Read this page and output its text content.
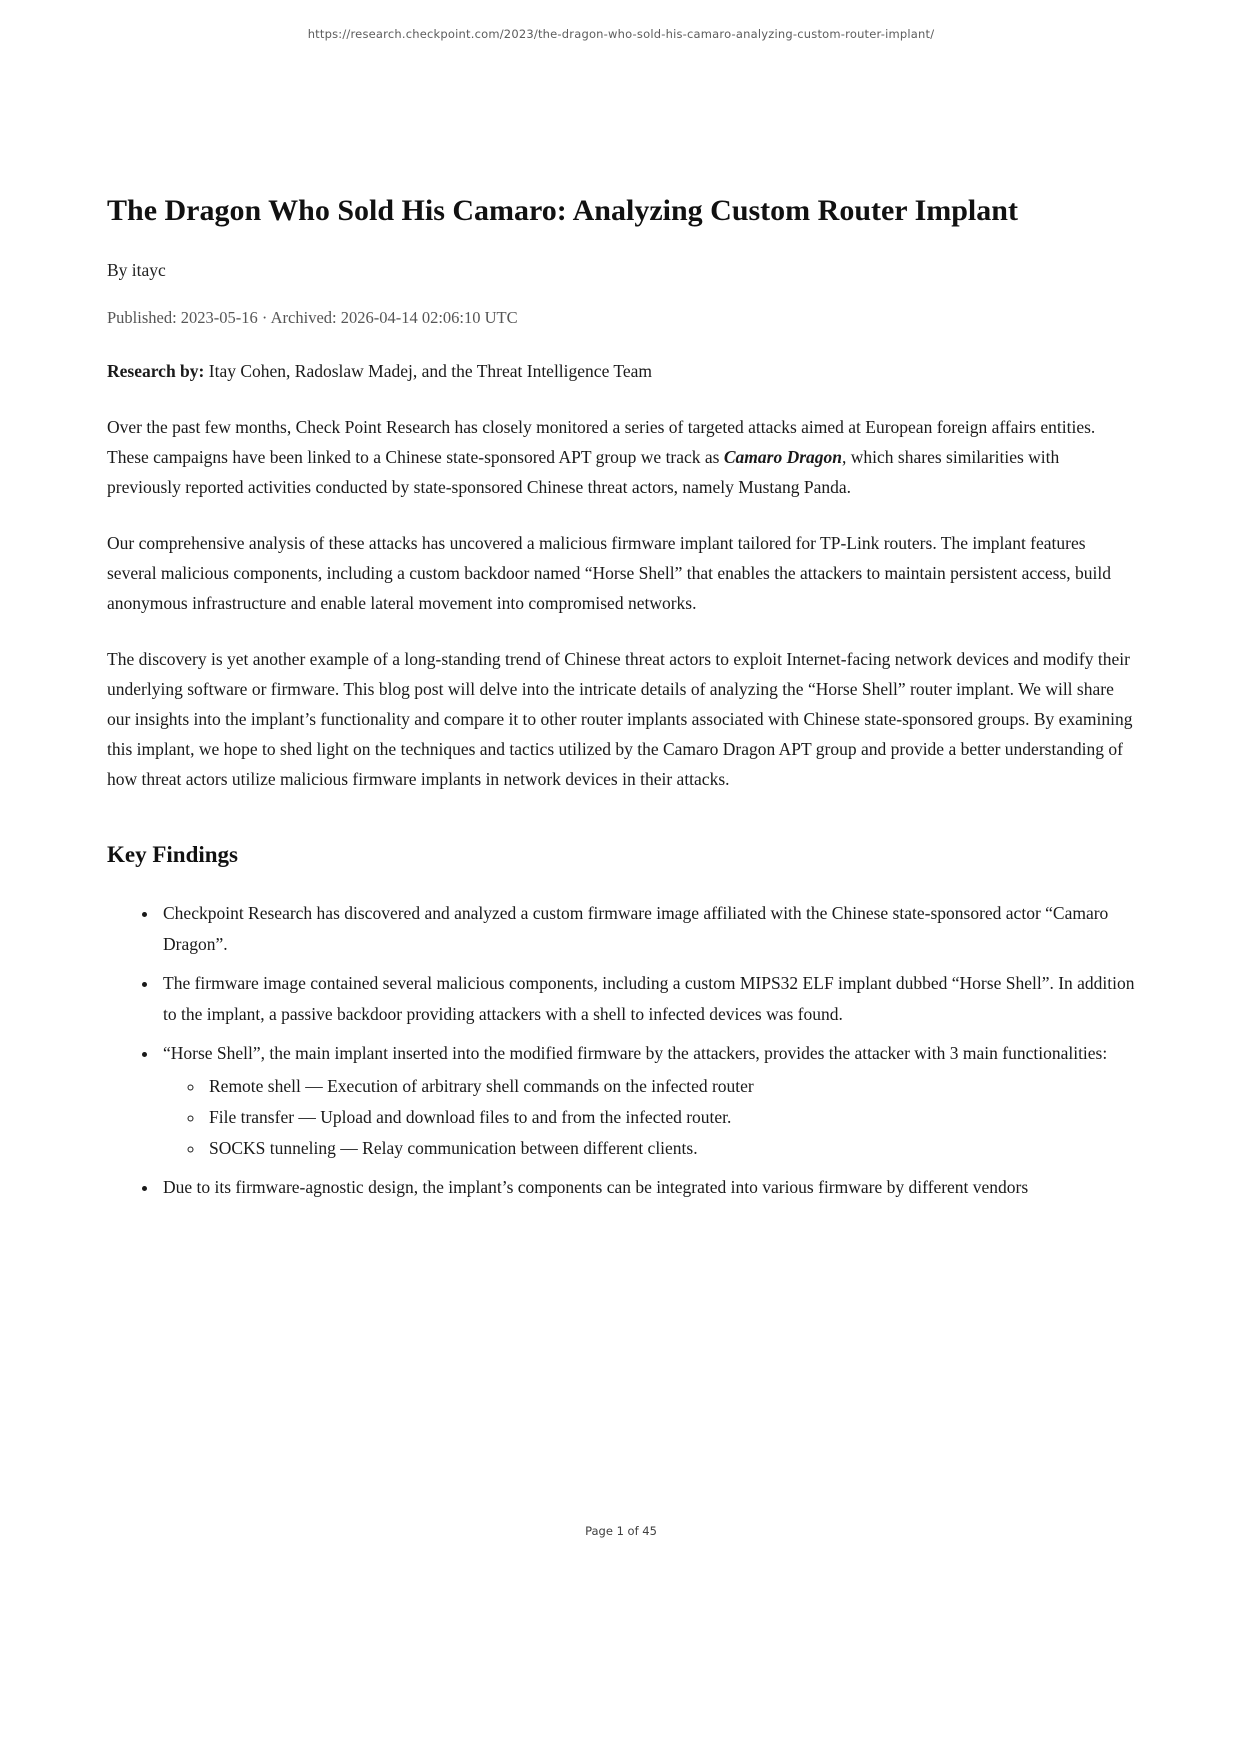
https://research.checkpoint.com/2023/the-dragon-who-sold-his-camaro-analyzing-custom-router-implant/
The Dragon Who Sold His Camaro: Analyzing Custom Router Implant

By itayc

Published: 2023-05-16 · Archived: 2026-04-14 02:06:10 UTC

Research by: Itay Cohen, Radoslaw Madej, and the Threat Intelligence Team

Over the past few months, Check Point Research has closely monitored a series of targeted attacks aimed at European foreign affairs entities. These campaigns have been linked to a Chinese state-sponsored APT group we track as Camaro Dragon, which shares similarities with previously reported activities conducted by state-sponsored Chinese threat actors, namely Mustang Panda.

Our comprehensive analysis of these attacks has uncovered a malicious firmware implant tailored for TP-Link routers. The implant features several malicious components, including a custom backdoor named “Horse Shell” that enables the attackers to maintain persistent access, build anonymous infrastructure and enable lateral movement into compromised networks.

The discovery is yet another example of a long-standing trend of Chinese threat actors to exploit Internet-facing network devices and modify their underlying software or firmware. This blog post will delve into the intricate details of analyzing the “Horse Shell” router implant. We will share our insights into the implant’s functionality and compare it to other router implants associated with Chinese state-sponsored groups. By examining this implant, we hope to shed light on the techniques and tactics utilized by the Camaro Dragon APT group and provide a better understanding of how threat actors utilize malicious firmware implants in network devices in their attacks.

Key Findings
• Checkpoint Research has discovered and analyzed a custom firmware image affiliated with the Chinese state-sponsored actor “Camaro Dragon”.
• The firmware image contained several malicious components, including a custom MIPS32 ELF implant dubbed “Horse Shell”. In addition to the implant, a passive backdoor providing attackers with a shell to infected devices was found.
• “Horse Shell”, the main implant inserted into the modified firmware by the attackers, provides the attacker with 3 main functionalities:
◦ Remote shell — Execution of arbitrary shell commands on the infected router
◦ File transfer — Upload and download files to and from the infected router.
◦ SOCKS tunneling — Relay communication between different clients.
• Due to its firmware-agnostic design, the implant’s components can be integrated into various firmware by different vendors
Page 1 of 45
